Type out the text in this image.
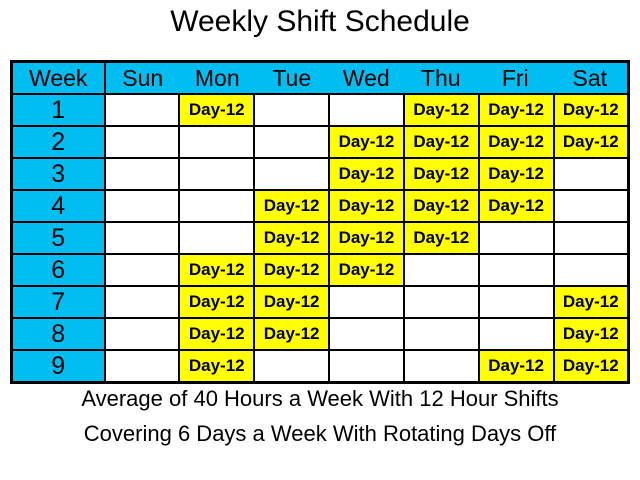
Weekly Shift Schedule
Week	Sun	Mon	Tue	Wed	Thu	Fri	Sat

1		Day-12			Day-12	Day-12	Day-12
2				Day-12	Day-12	Day-12	Day-12
3				Day-12	Day-12	Day-12	
4			Day-12	Day-12	Day-12	Day-12	
5			Day-12	Day-12	Day-12		
6		Day-12	Day-12	Day-12			
7		Day-12	Day-12				Day-12
8		Day-12	Day-12				Day-12
9		Day-12				Day-12	Day-12

Average of 40 Hours a Week With 12 Hour Shifts

Covering 6 Days a Week With Rotating Days Off
